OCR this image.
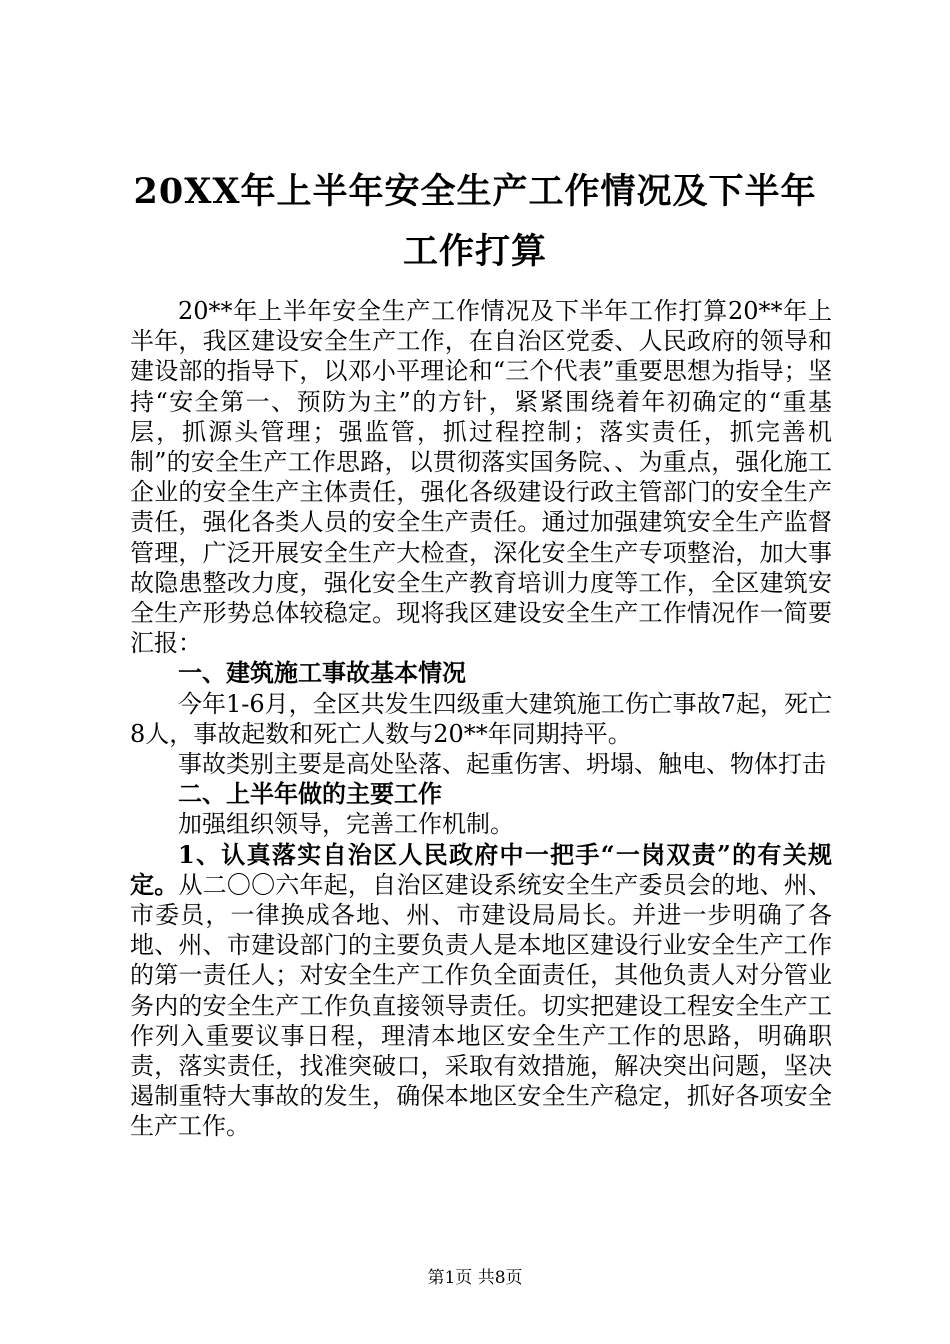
20XX年上半年安全生产工作情况及下半年工作打算

20**年上半年安全生产工作情况及下半年工作打算20**年上半年，我区建设安全生产工作，在自治区党委、人民政府的领导和建设部的指导下，以邓小平理论和“三个代表”重要思想为指导；坚持“安全第一、预防为主”的方针，紧紧围绕着年初确定的“重基层，抓源头管理；强监管，抓过程控制；落实责任，抓完善机制”的安全生产工作思路，以贯彻落实国务院、、为重点，强化施工企业的安全生产主体责任，强化各级建设行政主管部门的安全生产责任，强化各类人员的安全生产责任。通过加强建筑安全生产监督管理，广泛开展安全生产大检查，深化安全生产专项整治，加大事故隐患整改力度，强化安全生产教育培训力度等工作，全区建筑安全生产形势总体较稳定。现将我区建设安全生产工作情况作一简要汇报：

一、建筑施工事故基本情况

今年1-6月，全区共发生四级重大建筑施工伤亡事故7起，死亡8人，事故起数和死亡人数与20**年同期持平。

事故类别主要是高处坠落、起重伤害、坍塌、触电、物体打击

二、上半年做的主要工作

加强组织领导，完善工作机制。

1、认真落实自治区人民政府中一把手“一岗双责”的有关规定。从二〇〇六年起，自治区建设系统安全生产委员会的地、州、市委员，一律换成各地、州、市建设局局长。并进一步明确了各地、州、市建设部门的主要负责人是本地区建设行业安全生产工作的第一责任人；对安全生产工作负全面责任，其他负责人对分管业务内的安全生产工作负直接领导责任。切实把建设工程安全生产工作列入重要议事日程，理清本地区安全生产工作的思路，明确职责，落实责任，找准突破口，采取有效措施，解决突出问题，坚决遏制重特大事故的发生，确保本地区安全生产稳定，抓好各项安全生产工作。

第1页 共8页
